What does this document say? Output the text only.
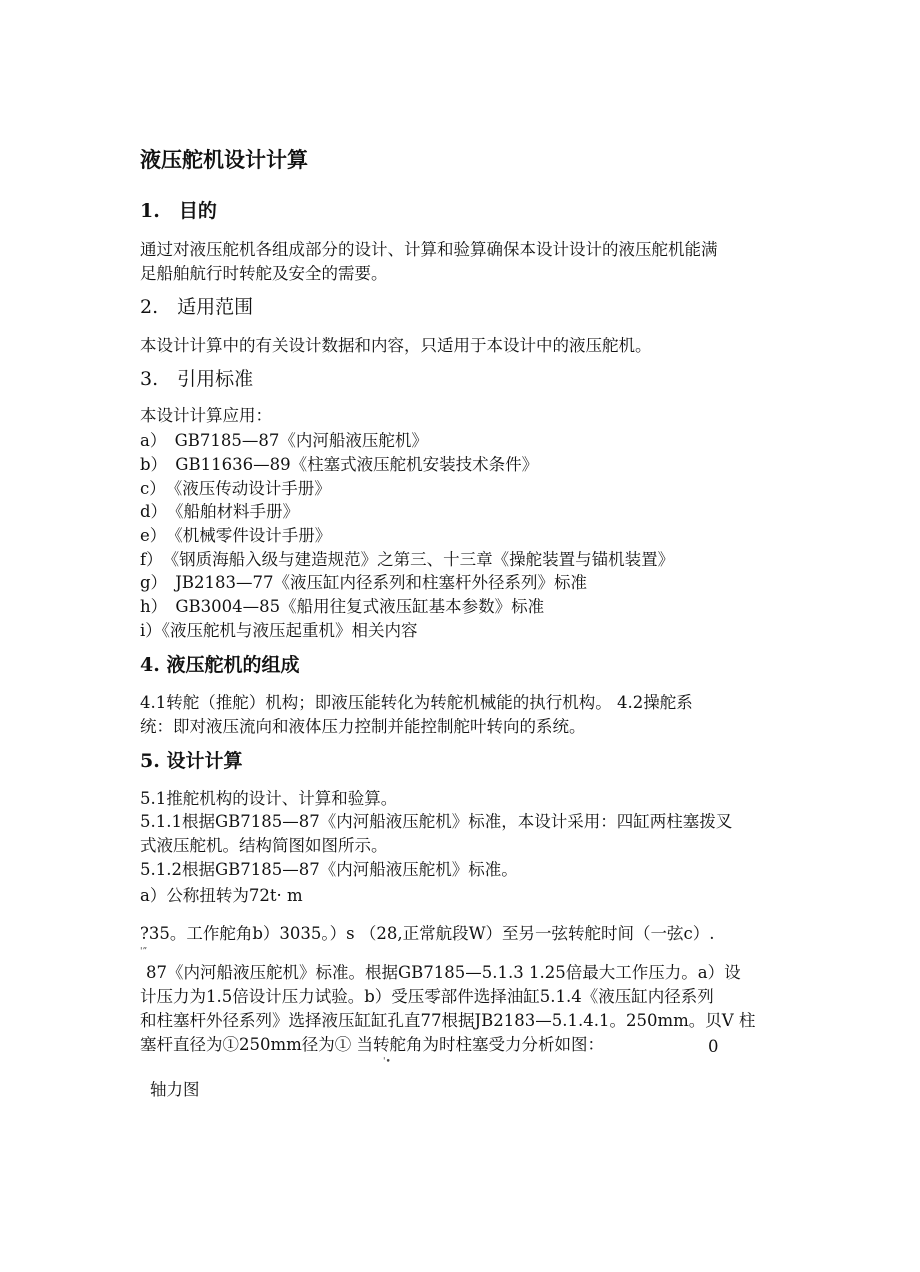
液压舵机设计计算
1.　目的
通过对液压舵机各组成部分的设计、计算和验算确保本设计设计的液压舵机能满
足船舶航行时转舵及安全的需要。
2.　适用范围
本设计计算中的有关设计数据和内容，只适用于本设计中的液压舵机。
3.　引用标准
本设计计算应用：
a）　GB7185—87《内河船液压舵机》
b）　GB11636—89《柱塞式液压舵机安装技术条件》
c）　《液压传动设计手册》
d）　《船舶材料手册》
e）　《机械零件设计手册》
f）　《钢质海船入级与建造规范》之第三、十三章《操舵装置与锚机装置》
g）　JB2183—77《液压缸内径系列和柱塞杆外径系列》标准
h）　GB3004—85《船用往复式液压缸基本参数》标准
i）《液压舵机与液压起重机》相关内容
4. 液压舵机的组成
4.1转舵（推舵）机构；即液压能转化为转舵机械能的执行机构。 4.2操舵系
统：即对液压流向和液体压力控制并能控制舵叶转向的系统。
5. 设计计算
5.1推舵机构的设计、计算和验算。
5.1.1根据GB7185—87《内河船液压舵机》标准，本设计采用：四缸两柱塞拨叉
式液压舵机。结构简图如图所示。
5.1.2根据GB7185—87《内河船液压舵机》标准。
a）公称扭转为72t· m
?35。工作舵角b）3035。）s （28,正常航段W）至另一弦转舵时间（一弦c）.
'”
87《内河船液压舵机》标准。根据GB7185—5.1.3 1.25倍最大工作压力。a）设
计压力为1.5倍设计压力试验。b）受压零部件选择油缸5.1.4《液压缸内径系列
和柱塞杆外径系列》选择液压缸缸孔直77根据JB2183—5.1.4.1。250mm。贝V 柱
塞杆直径为①250mm径为① 当转舵角为时柱塞受力分析如图：	0
'•
轴力图
